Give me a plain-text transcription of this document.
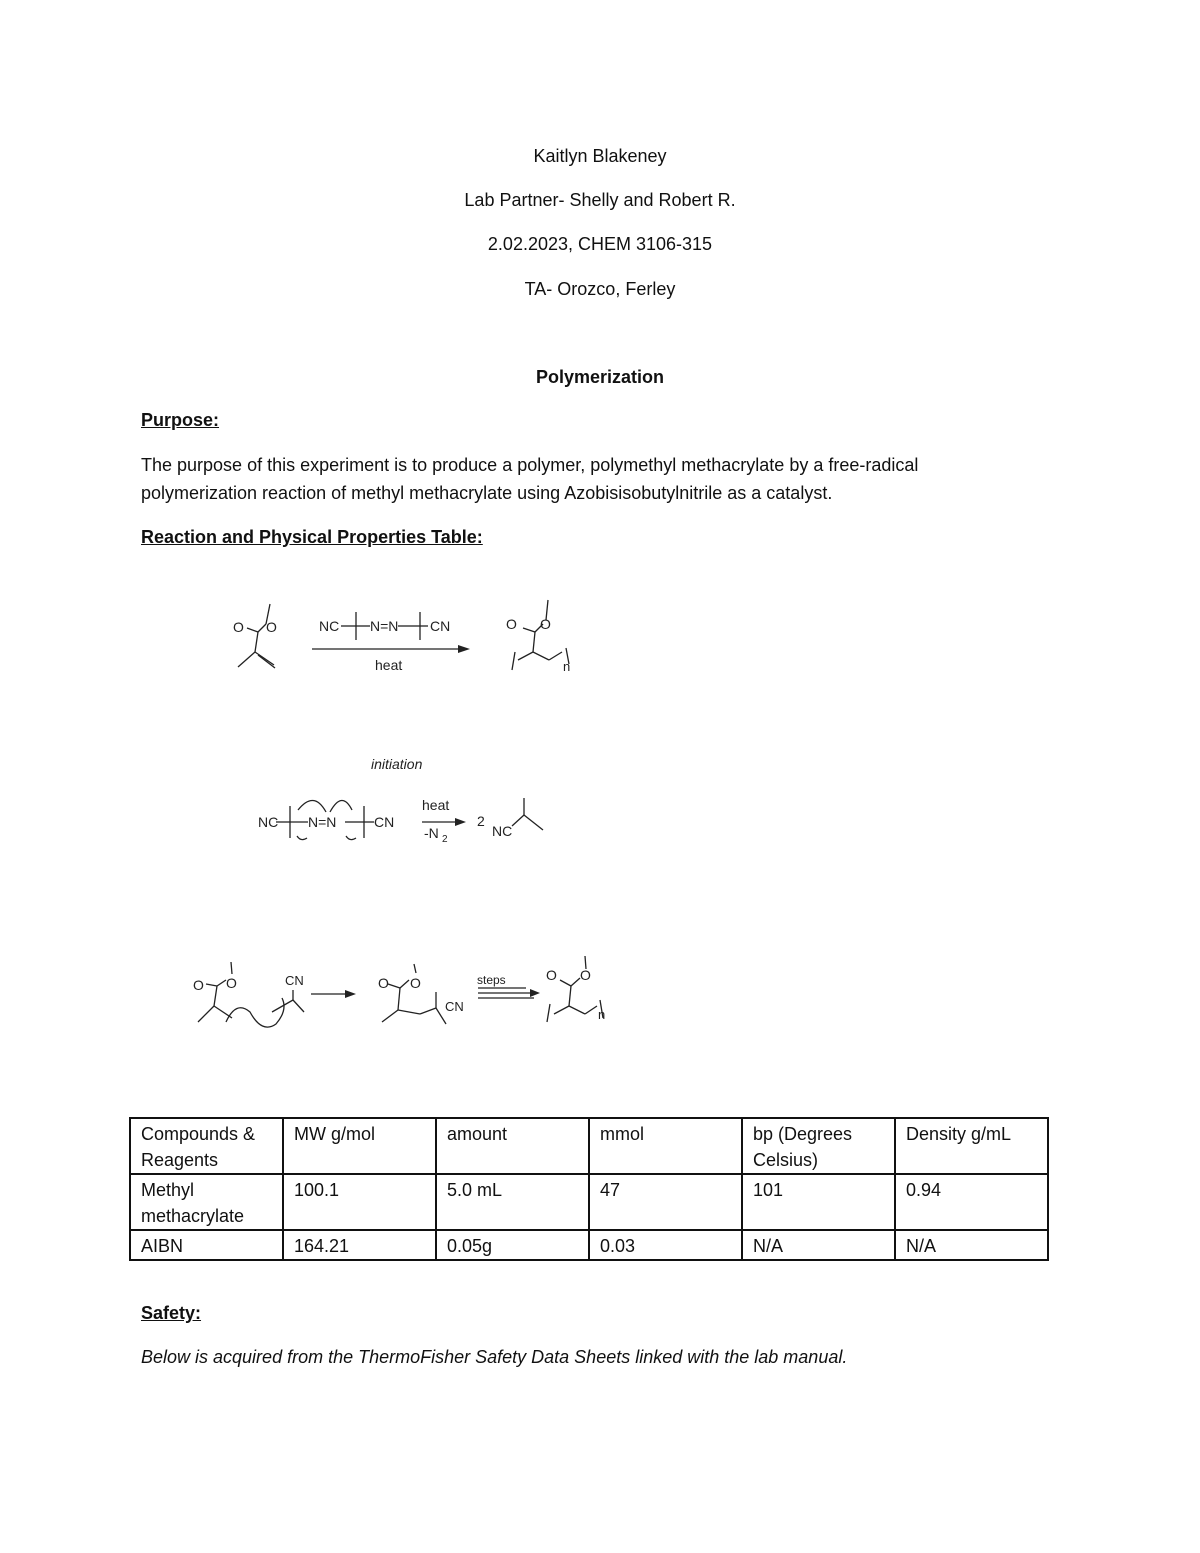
Kaitlyn Blakeney
Lab Partner- Shelly and Robert R.
2.02.2023, CHEM 3106-315
TA- Orozco, Ferley
Polymerization
Purpose:
The purpose of this experiment is to produce a polymer, polymethyl methacrylate by a free-radical
polymerization reaction of methyl methacrylate using Azobisisobutylnitrile as a catalyst.
Reaction and Physical Properties Table:
O O	NC N=N CN
heat
O O
n
initiation
NC N=N	CN
heat
-N 2
2
NC
O O	CN	O O
CN
steps	O O
n
Compounds & Reagents	MW g/mol	amount	mmol	bp (Degrees Celsius)	Density g/mL
Methyl methacrylate	100.1	5.0 mL	47	101	0.94
AIBN	164.21	0.05g	0.03	N/A	N/A
Safety:
Below is acquired from the ThermoFisher Safety Data Sheets linked with the lab manual.
